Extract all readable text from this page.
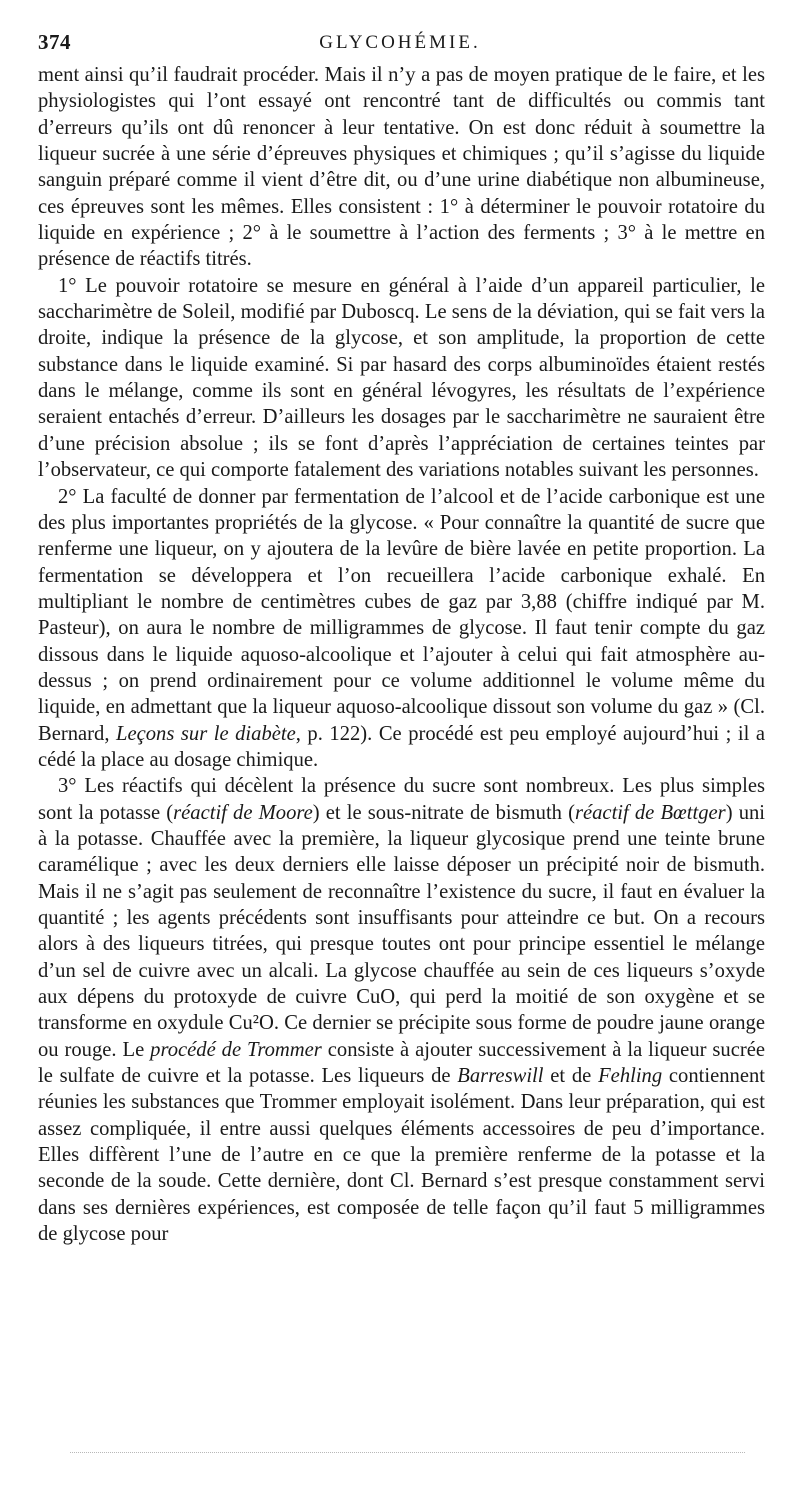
374	GLYCOHÉMIE.

ment ainsi qu’il faudrait procéder. Mais il n’y a pas de moyen pratique de le faire, et les physiologistes qui l’ont essayé ont rencontré tant de difficultés ou commis tant d’erreurs qu’ils ont dû renoncer à leur tentative. On est donc réduit à soumettre la liqueur sucrée à une série d’épreuves physiques et chimiques ; qu’il s’agisse du liquide sanguin préparé comme il vient d’être dit, ou d’une urine diabétique non albumineuse, ces épreuves sont les mêmes. Elles consistent : 1° à déterminer le pouvoir rotatoire du liquide en expérience ; 2° à le soumettre à l’action des ferments ; 3° à le mettre en présence de réactifs titrés.

1° Le pouvoir rotatoire se mesure en général à l’aide d’un appareil particulier, le saccharimètre de Soleil, modifié par Duboscq. Le sens de la déviation, qui se fait vers la droite, indique la présence de la glycose, et son amplitude, la proportion de cette substance dans le liquide examiné. Si par hasard des corps albuminoïdes étaient restés dans le mélange, comme ils sont en général lévogyres, les résultats de l’expérience seraient entachés d’erreur. D’ailleurs les dosages par le saccharimètre ne sauraient être d’une précision absolue ; ils se font d’après l’appréciation de certaines teintes par l’observateur, ce qui comporte fatalement des variations notables suivant les personnes.

2° La faculté de donner par fermentation de l’alcool et de l’acide carbonique est une des plus importantes propriétés de la glycose. « Pour connaître la quantité de sucre que renferme une liqueur, on y ajoutera de la levûre de bière lavée en petite proportion. La fermentation se développera et l’on recueillera l’acide carbonique exhalé. En multipliant le nombre de centimètres cubes de gaz par 3,88 (chiffre indiqué par M. Pasteur), on aura le nombre de milligrammes de glycose. Il faut tenir compte du gaz dissous dans le liquide aquoso-alcoolique et l’ajouter à celui qui fait atmosphère au-dessus ; on prend ordinairement pour ce volume additionnel le volume même du liquide, en admettant que la liqueur aquoso-alcoolique dissout son volume du gaz » (Cl. Bernard, Leçons sur le diabète, p. 122). Ce procédé est peu employé aujourd’hui ; il a cédé la place au dosage chimique.

3° Les réactifs qui décèlent la présence du sucre sont nombreux. Les plus simples sont la potasse (réactif de Moore) et le sous-nitrate de bismuth (réactif de Bœttger) uni à la potasse. Chauffée avec la première, la liqueur glycosique prend une teinte brune caramélique ; avec les deux derniers elle laisse déposer un précipité noir de bismuth. Mais il ne s’agit pas seulement de reconnaître l’existence du sucre, il faut en évaluer la quantité ; les agents précédents sont insuffisants pour atteindre ce but. On a recours alors à des liqueurs titrées, qui presque toutes ont pour principe essentiel le mélange d’un sel de cuivre avec un alcali. La glycose chauffée au sein de ces liqueurs s’oxyde aux dépens du protoxyde de cuivre CuO, qui perd la moitié de son oxygène et se transforme en oxydule Cu²O. Ce dernier se précipite sous forme de poudre jaune orange ou rouge. Le procédé de Trommer consiste à ajouter successivement à la liqueur sucrée le sulfate de cuivre et la potasse. Les liqueurs de Barreswill et de Fehling contiennent réunies les substances que Trommer employait isolément. Dans leur préparation, qui est assez compliquée, il entre aussi quelques éléments accessoires de peu d’importance. Elles diffèrent l’une de l’autre en ce que la première renferme de la potasse et la seconde de la soude. Cette dernière, dont Cl. Bernard s’est presque constamment servi dans ses dernières expériences, est composée de telle façon qu’il faut 5 milligrammes de glycose pour
